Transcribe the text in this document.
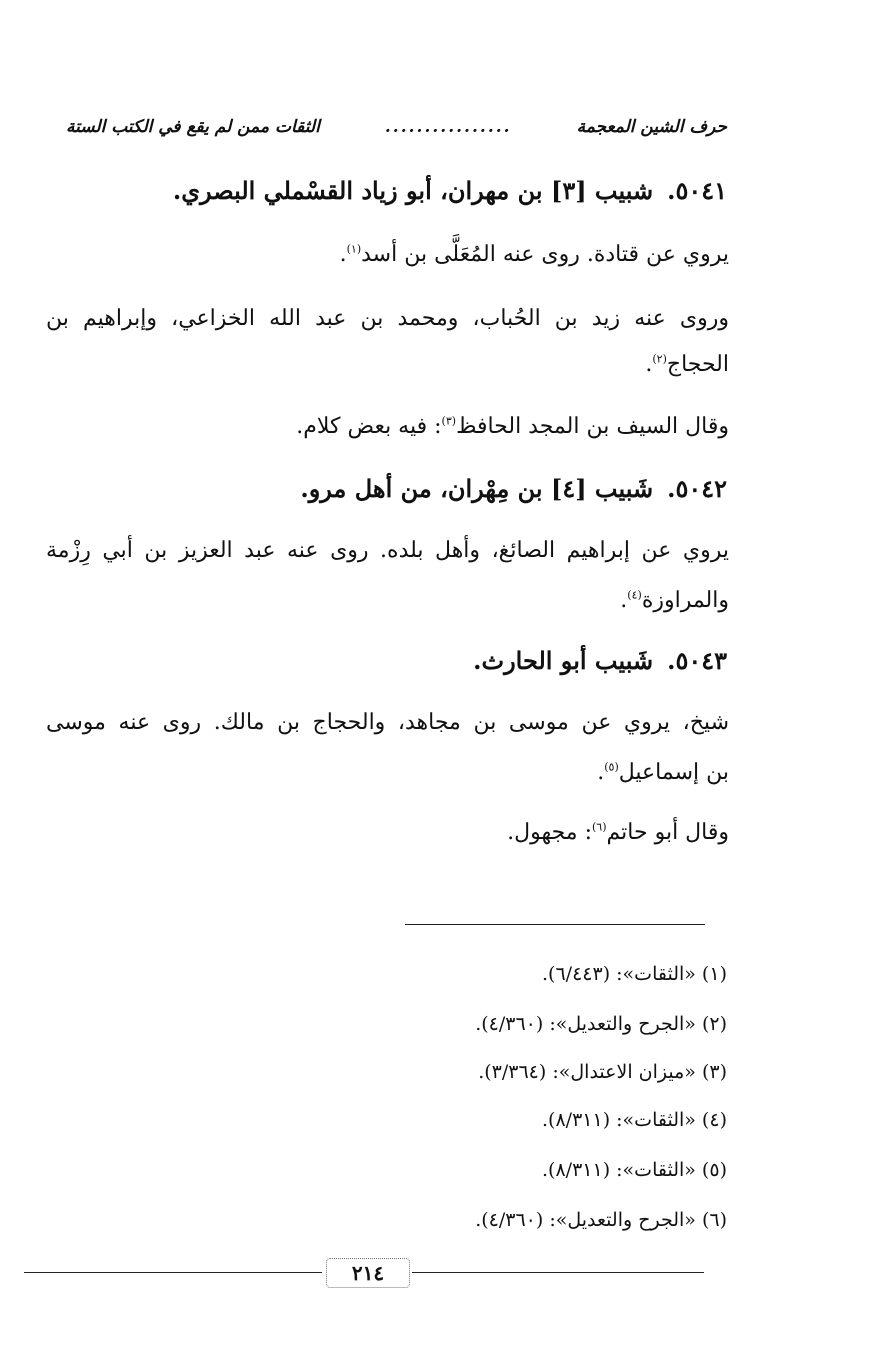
حرف الشين المعجمة
................
الثقات ممن لم يقع في الكتب الستة
٥٠٤١.شبيب [٣] بن مهران، أبو زياد القسْملي البصري.
يروي عن قتادة. روى عنه المُعَلَّى بن أسد$^{(١)}$.
وروى عنه زيد بن الحُباب، ومحمد بن عبد الله الخزاعي، وإبراهيم بن
الحجاج$^{(٢)}$.
وقال السيف بن المجد الحافظ$^{(٣)}$: فيه بعض كلام.
٥٠٤٢.شَبيب [٤] بن مِهْران، من أهل مرو.
يروي عن إبراهيم الصائغ، وأهل بلده. روى عنه عبد العزيز بن أبي رِزْمة
والمراوزة$^{(٤)}$.
٥٠٤٣.شَبيب أبو الحارث.
شيخ، يروي عن موسى بن مجاهد، والحجاج بن مالك. روى عنه موسى
بن إسماعيل$^{(٥)}$.
وقال أبو حاتم$^{(٦)}$: مجهول.
(١) «الثقات»: (٦/٤٤٣).
(٢) «الجرح والتعديل»: (٤/٣٦٠).
(٣) «ميزان الاعتدال»: (٣/٣٦٤).
(٤) «الثقات»: (٨/٣١١).
(٥) «الثقات»: (٨/٣١١).
(٦) «الجرح والتعديل»: (٤/٣٦٠).
٢١٤
